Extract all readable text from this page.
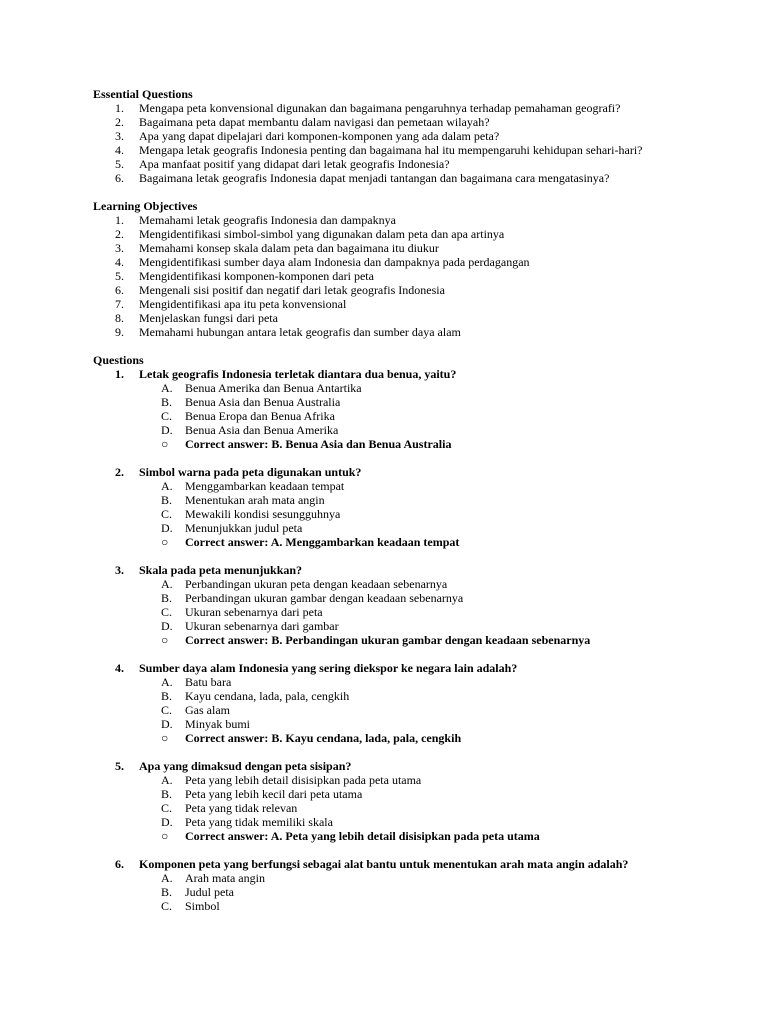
Essential Questions
1.	Mengapa peta konvensional digunakan dan bagaimana pengaruhnya terhadap pemahaman geografi?
2.	Bagaimana peta dapat membantu dalam navigasi dan pemetaan wilayah?
3.	Apa yang dapat dipelajari dari komponen-komponen yang ada dalam peta?
4.	Mengapa letak geografis Indonesia penting dan bagaimana hal itu mempengaruhi kehidupan sehari-hari?
5.	Apa manfaat positif yang didapat dari letak geografis Indonesia?
6.	Bagaimana letak geografis Indonesia dapat menjadi tantangan dan bagaimana cara mengatasinya?
Learning Objectives
1.	Memahami letak geografis Indonesia dan dampaknya
2.	Mengidentifikasi simbol-simbol yang digunakan dalam peta dan apa artinya
3.	Memahami konsep skala dalam peta dan bagaimana itu diukur
4.	Mengidentifikasi sumber daya alam Indonesia dan dampaknya pada perdagangan
5.	Mengidentifikasi komponen-komponen dari peta
6.	Mengenali sisi positif dan negatif dari letak geografis Indonesia
7.	Mengidentifikasi apa itu peta konvensional
8.	Menjelaskan fungsi dari peta
9.	Memahami hubungan antara letak geografis dan sumber daya alam
Questions
1.	Letak geografis Indonesia terletak diantara dua benua, yaitu?
A.	Benua Amerika dan Benua Antartika
B.	Benua Asia dan Benua Australia
C.	Benua Eropa dan Benua Afrika
D.	Benua Asia dan Benua Amerika
○	Correct answer: B. Benua Asia dan Benua Australia
2.	Simbol warna pada peta digunakan untuk?
A.	Menggambarkan keadaan tempat
B.	Menentukan arah mata angin
C.	Mewakili kondisi sesungguhnya
D.	Menunjukkan judul peta
○	Correct answer: A. Menggambarkan keadaan tempat
3.	Skala pada peta menunjukkan?
A.	Perbandingan ukuran peta dengan keadaan sebenarnya
B.	Perbandingan ukuran gambar dengan keadaan sebenarnya
C.	Ukuran sebenarnya dari peta
D.	Ukuran sebenarnya dari gambar
○	Correct answer: B. Perbandingan ukuran gambar dengan keadaan sebenarnya
4.	Sumber daya alam Indonesia yang sering diekspor ke negara lain adalah?
A.	Batu bara
B.	Kayu cendana, lada, pala, cengkih
C.	Gas alam
D.	Minyak bumi
○	Correct answer: B. Kayu cendana, lada, pala, cengkih
5.	Apa yang dimaksud dengan peta sisipan?
A.	Peta yang lebih detail disisipkan pada peta utama
B.	Peta yang lebih kecil dari peta utama
C.	Peta yang tidak relevan
D.	Peta yang tidak memiliki skala
○	Correct answer: A. Peta yang lebih detail disisipkan pada peta utama
6.	Komponen peta yang berfungsi sebagai alat bantu untuk menentukan arah mata angin adalah?
A.	Arah mata angin
B.	Judul peta
C.	Simbol
